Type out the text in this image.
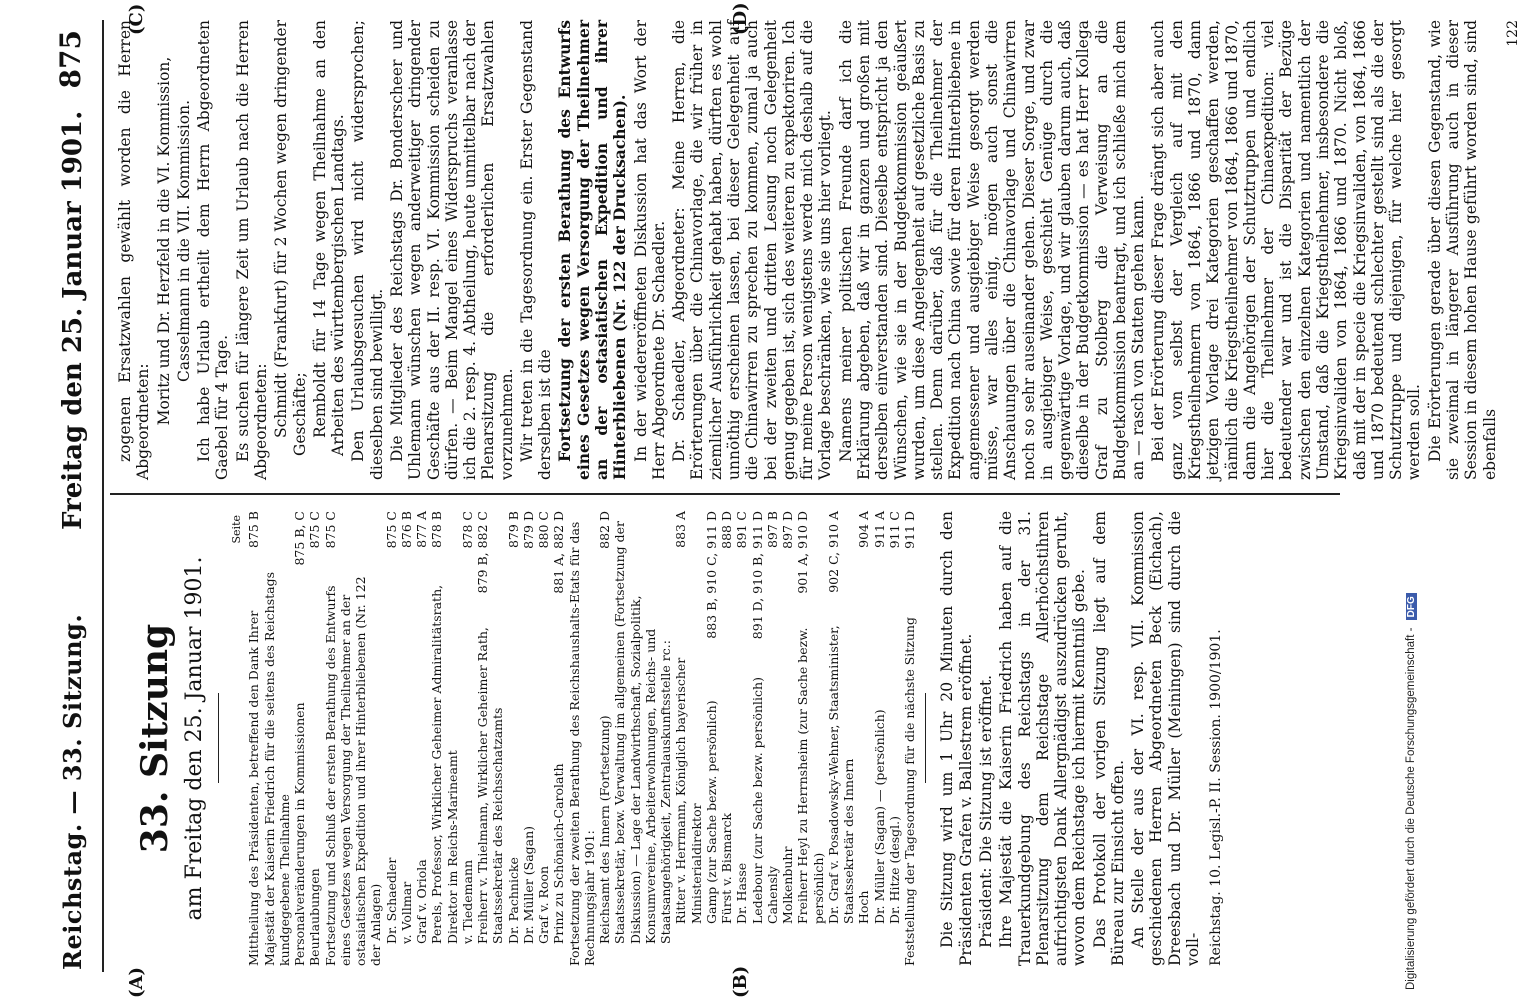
Reichstag. — 33. Sitzung.
Freitag den 25. Januar 1901.
875
(A)	(B)
(C)	(D)
33. Sitzung am Freitag den 25. Januar 1901.
Seite
Mittheilung des Präsidenten, betreffend den Dank Ihrer Majestät der Kaiserin Friedrich für die seitens des Reichstags kundgegebene Theilnahme
875 B
Personalveränderungen in Kommissionen
875 B, C
Beurlaubungen
875 C
Fortsetzung und Schluß der ersten Berathung des Entwurfs eines Gesetzes wegen Versorgung der Theilnehmer an der ostasiatischen Expedition und ihrer Hinterbliebenen (Nr. 122 der Anlagen)
875 C
Dr. Schaedler
875 C
v. Vollmar
876 B
Graf v. Oriola
877 A
Perels, Professor, Wirklicher Geheimer Admiralitätsrath, Direktor im Reichs-Marineamt
878 B
v. Tiedemann
878 C
Freiherr v. Thielmann, Wirklicher Geheimer Rath, Staatssekretär des Reichsschatzamts
879 B, 882 C
Dr. Pachnicke
879 B
Dr. Müller (Sagan)
879 D
Graf v. Roon
880 C
Prinz zu Schönaich-Carolath
881 A, 882 D Fortsetzung der zweiten Berathung des Reichshaushalts-Etats für das Rechnungsjahr 1901: Reichsamt des Innern (Fortsetzung)
882 D Staatssekretär, bezw. Verwaltung im allgemeinen (Fortsetzung der Diskussion) — Lage der Landwirthschaft, Sozialpolitik, Konsumvereine, Arbeiterwohnungen, Reichs- und Staatsangehörigkeit, Zentralauskunftsstelle rc.: Ritter v. Herrmann, Königlich bayerischer Ministerialdirektor
883 A
Gamp (zur Sache bezw. persönlich)
883 B, 910 C, 911 D
Fürst v. Bismarck
888 D
Dr. Hasse
891 C
Ledebour (zur Sache bezw. persönlich)
891 D, 910 B, 911 D
Cahensly
897 B
Molkenbuhr
897 D
Freiherr Heyl zu Herrnsheim (zur Sache bezw. persönlich)
901 A, 910 D
Dr. Graf v. Posadowsky-Wehner, Staatsminister, Staatssekretär des Innern
902 C, 910 A
Hoch
904 A
Dr. Müller (Sagan) — (persönlich)
911 A
Dr. Hitze (desgl.)
911 C
Feststellung der Tagesordnung für die nächste Sitzung
911 D Die Sitzung wird um 1 Uhr 20 Minuten durch den Präsidenten Grafen v. Ballestrem eröffnet. Präsident: Die Sitzung ist eröffnet. Ihre Majestät die Kaiserin Friedrich haben auf die Trauerkundgebung des Reichstags in der 31. Plenarsitzung dem Reichstage Allerhöchstihren aufrichtigsten Dank Allergnädigst auszudrücken geruht, wovon dem Reichstage ich hiermit Kenntniß gebe. Das Protokoll der vorigen Sitzung liegt auf dem Büreau zur Einsicht offen. An Stelle der aus der VI. resp. VII. Kommission geschiedenen Herren Abgeordneten Beck (Eichach), Dreesbach und Dr. Müller (Meiningen) sind durch die voll- Reichstag. 10. Legisl.-P. II. Session. 1900/1901.

zogenen Ersatzwahlen gewählt worden die Herren Abgeordneten: Moritz und Dr. Herzfeld in die VI. Kommission, Casselmann in die VII. Kommission. Ich habe Urlaub ertheilt dem Herrn Abgeordneten Gaebel für 4 Tage. Es suchen für längere Zeit um Urlaub nach die Herren Abgeordneten: Schmidt (Frankfurt) für 2 Wochen wegen dringender Geschäfte; Remboldt für 14 Tage wegen Theilnahme an den Arbeiten des württembergischen Landtags. Den Urlaubsgesuchen wird nicht widersprochen; dieselben sind bewilligt. Die Mitglieder des Reichstags Dr. Bonderscheer und Uhlemann wünschen wegen anderweitiger dringender Geschäfte aus der II. resp. VI. Kommission scheiden zu dürfen. — Beim Mangel eines Widerspruchs veranlasse ich die 2. resp. 4. Abtheilung, heute unmittelbar nach der Plenarsitzung die erforderlichen Ersatzwahlen vorzunehmen. Wir treten in die Tagesordnung ein. Erster Gegenstand derselben ist die Fortsetzung der ersten Berathung des Entwurfs eines Gesetzes wegen Versorgung der Theilnehmer an der ostasiatischen Expedition und ihrer Hinterbliebenen (Nr. 122 der Drucksachen). In der wiedereröffneten Diskussion hat das Wort der Herr Abgeordnete Dr. Schaedler. Dr. Schaedler, Abgeordneter: Meine Herren, die Erörterungen über die Chinavorlage, die wir früher in ziemlicher Ausführlichkeit gehabt haben, dürften es wohl unnöthig erscheinen lassen, bei dieser Gelegenheit auf die Chinawirren zu sprechen zu kommen, zumal ja auch bei der zweiten und dritten Lesung noch Gelegenheit genug gegeben ist, sich des weiteren zu expektoriren. Ich für meine Person wenigstens werde mich deshalb auf die Vorlage beschränken, wie sie uns hier vorliegt. Namens meiner politischen Freunde darf ich die Erklärung abgeben, daß wir in ganzen und großen mit derselben einverstanden sind. Dieselbe entspricht ja den Wünschen, wie sie in der Budgetkommission geäußert wurden, um diese Angelegenheit auf gesetzliche Basis zu stellen. Denn darüber, daß für die Theilnehmer der Expedition nach China sowie für deren Hinterbliebene in angemessener und ausgiebiger Weise gesorgt werden müsse, war alles einig, mögen auch sonst die Anschauungen über die Chinavorlage und Chinawirren noch so sehr auseinander gehen. Dieser Sorge, und zwar in ausgiebiger Weise, geschieht Genüge durch die gegenwärtige Vorlage, und wir glauben darum auch, daß dieselbe in der Budgetkommission — es hat Herr Kollega Graf zu Stolberg die Verweisung an die Budgetkommission beantragt, und ich schließe mich dem an — rasch von Statten gehen kann. Bei der Erörterung dieser Frage drängt sich aber auch ganz von selbst der Vergleich auf mit den Kriegstheilnehmern von 1864, 1866 und 1870, dann jetzigen Vorlage drei Kategorien geschaffen werden, nämlich die Kriegstheilnehmer von 1864, 1866 und 1870, dann die Angehörigen der Schutztruppen und endlich hier die Theilnehmer der Chinaexpedition: viel bedeutender war und ist die Disparität der Bezüge zwischen den einzelnen Kategorien und namentlich der Umstand, daß die Kriegstheilnehmer, insbesondere die Kriegsinvaliden von 1864, 1866 und 1870. Nicht bloß, daß mit der in specie die Kriegsinvaliden, von 1864, 1866 und 1870 bedeutend schlechter gestellt sind als die der Schutztruppe und diejenigen, für welche hier gesorgt werden soll. Die Erörterungen gerade über diesen Gegenstand, wie sie zweimal in längerer Ausführung auch in dieser Session in diesem hohen Hause geführt worden sind, sind ebenfalls

122
Digitalisierung gefördert durch die Deutsche Forschungsgemeinschaft - DFG
